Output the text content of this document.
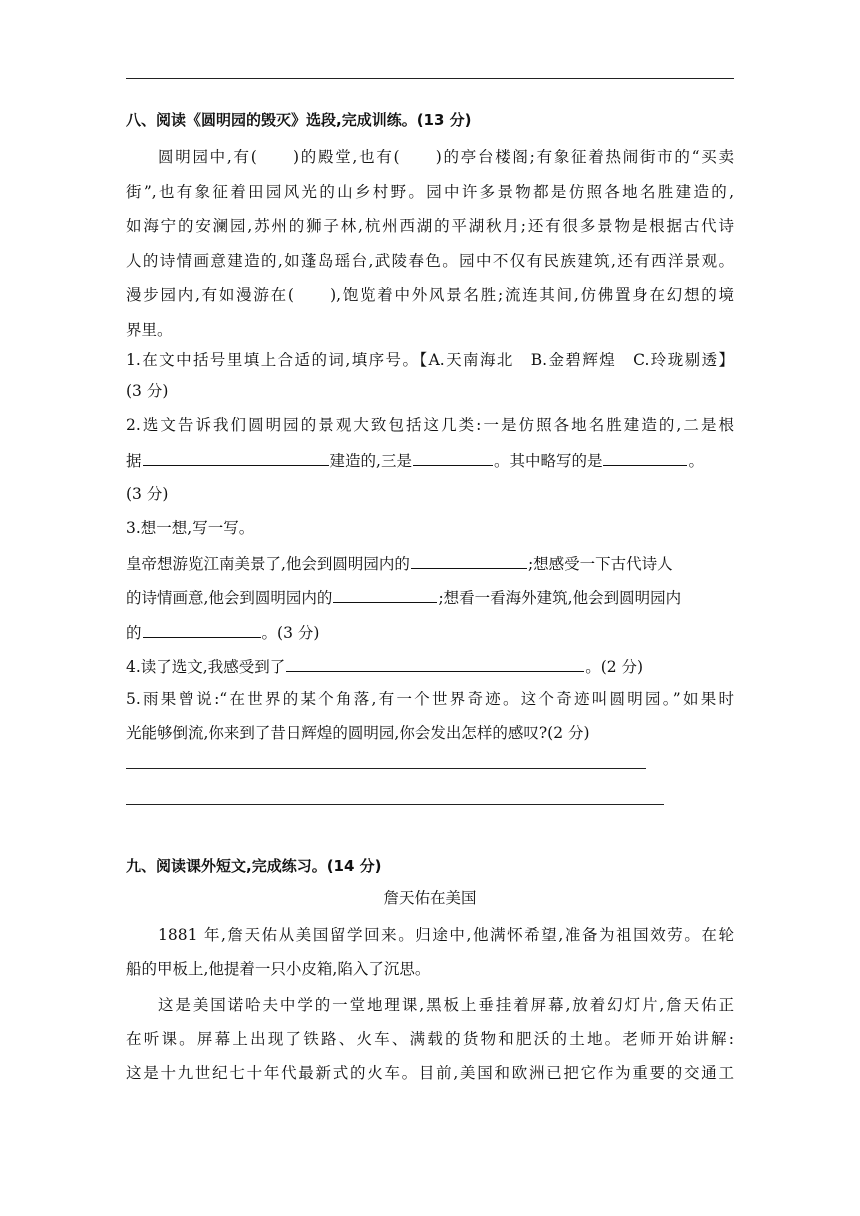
八、阅读《圆明园的毁灭》选段,完成训练。(13 分)
圆明园中,有(　　)的殿堂,也有(　　)的亭台楼阁;有象征着热闹街市的“买卖
街”,也有象征着田园风光的山乡村野。园中许多景物都是仿照各地名胜建造的,
如海宁的安澜园,苏州的狮子林,杭州西湖的平湖秋月;还有很多景物是根据古代诗
人的诗情画意建造的,如蓬岛瑶台,武陵春色。园中不仅有民族建筑,还有西洋景观。
漫步园内,有如漫游在(　　),饱览着中外风景名胜;流连其间,仿佛置身在幻想的境
界里。
1.在文中括号里填上合适的词,填序号。【A.天南海北　B.金碧辉煌　C.玲珑剔透】
(3 分)
2.选文告诉我们圆明园的景观大致包括这几类:一是仿照各地名胜建造的,二是根
据	建造的,三是	。其中略写的是	。
(3 分)
3.想一想,写一写。
皇帝想游览江南美景了,他会到圆明园内的	;想感受一下古代诗人
的诗情画意,他会到圆明园内的	;想看一看海外建筑,他会到圆明园内
的	。(3 分)
4.读了选文,我感受到了	。(2 分)
5.雨果曾说:“在世界的某个角落,有一个世界奇迹。这个奇迹叫圆明园。”如果时
光能够倒流,你来到了昔日辉煌的圆明园,你会发出怎样的感叹?(2 分)
九、阅读课外短文,完成练习。(14 分)
詹天佑在美国
1881 年,詹天佑从美国留学回来。归途中,他满怀希望,准备为祖国效劳。在轮
船的甲板上,他提着一只小皮箱,陷入了沉思。
这是美国诺哈夫中学的一堂地理课,黑板上垂挂着屏幕,放着幻灯片,詹天佑正
在听课。屏幕上出现了铁路、火车、满载的货物和肥沃的土地。老师开始讲解:
这是十九世纪七十年代最新式的火车。目前,美国和欧洲已把它作为重要的交通工
